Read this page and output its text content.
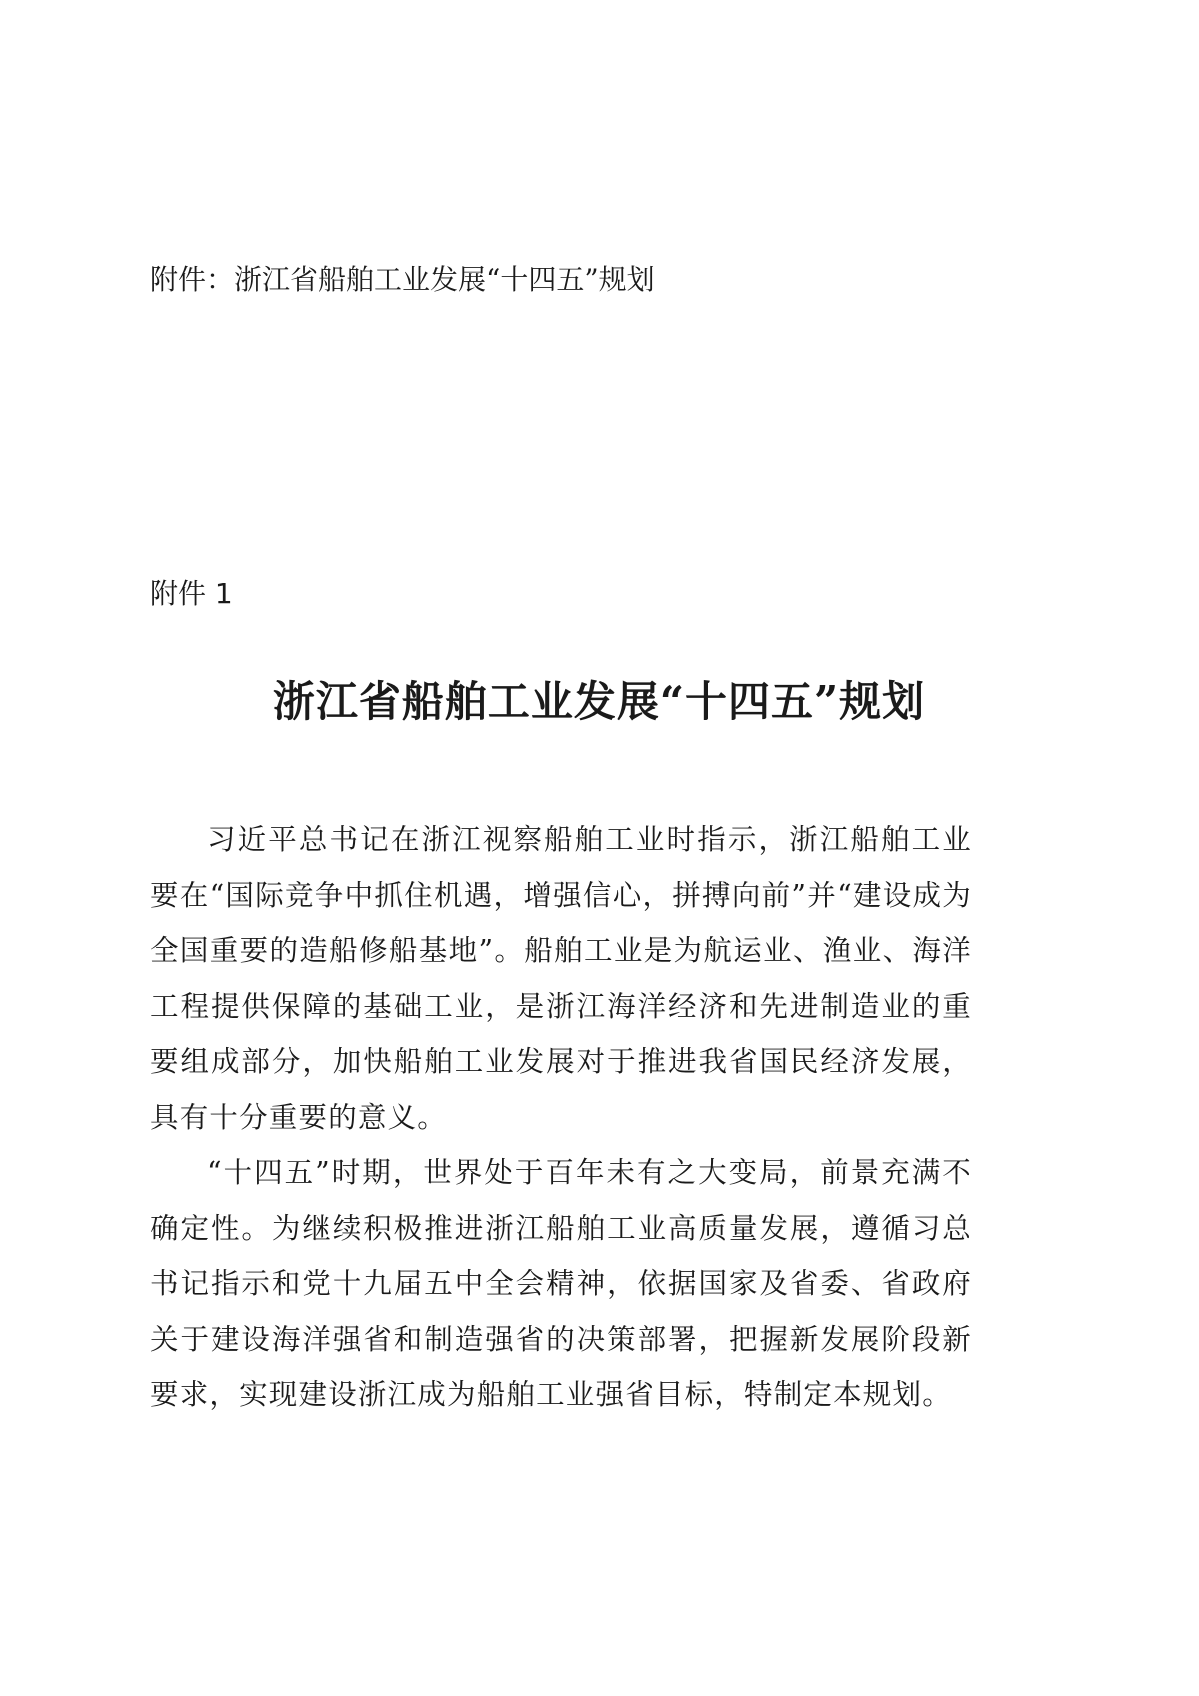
附件：浙江省船舶工业发展“十四五”规划
附件 1
浙江省船舶工业发展“十四五”规划

习近平总书记在浙江视察船舶工业时指示，浙江船舶工业要在“国际竞争中抓住机遇，增强信心，拼搏向前”并“建设成为全国重要的造船修船基地”。船舶工业是为航运业、渔业、海洋工程提供保障的基础工业，是浙江海洋经济和先进制造业的重要组成部分，加快船舶工业发展对于推进我省国民经济发展，具有十分重要的意义。

“十四五”时期，世界处于百年未有之大变局，前景充满不确定性。为继续积极推进浙江船舶工业高质量发展，遵循习总书记指示和党十九届五中全会精神，依据国家及省委、省政府关于建设海洋强省和制造强省的决策部署，把握新发展阶段新要求，实现建设浙江成为船舶工业强省目标，特制定本规划。
